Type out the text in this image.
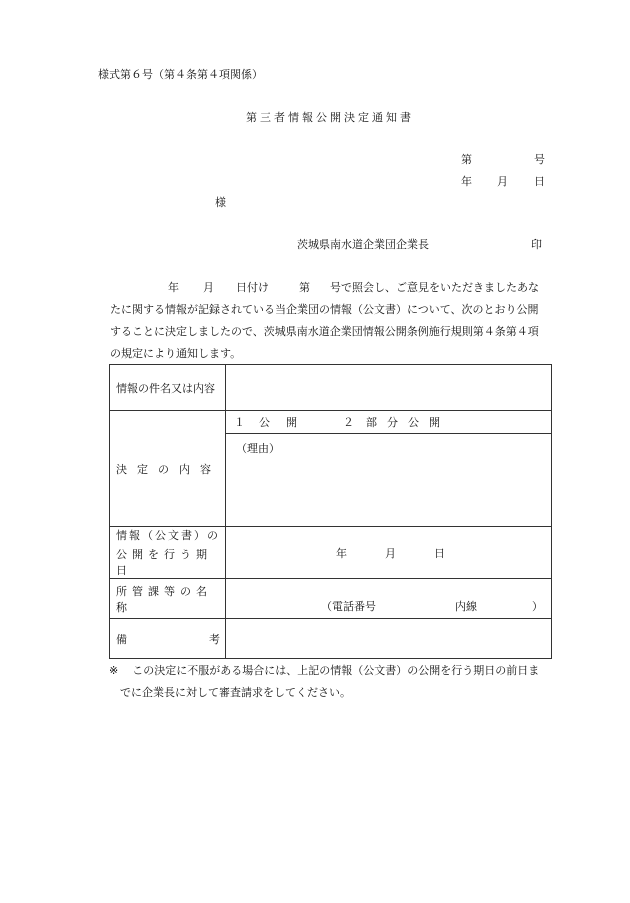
様式第６号（第４条第４項関係）
第三者情報公開決定通知書
第	号
年 月 日
様
茨城県南水道企業団企業長	印
年 月 日付け	第 号で照会し、ご意見をいただきましたあな
たに関する情報が記録されている当企業団の情報（公文書）について、次のとおり公開
することに決定しましたので、茨城県南水道企業団情報公開条例施行規則第４条第４項
の規定により通知します。
情報の件名又は内容	

決定の内容	１ 公開 ２ 部分公開

	（理由）

情報（公文書）の
公開を行う期日	年 月 日

所管課等の名称	（電話番号 内線 ）

備 考	

※ この決定に不服がある場合には、上記の情報（公文書）の公開を行う期日の前日ま
でに企業長に対して審査請求をしてください。
